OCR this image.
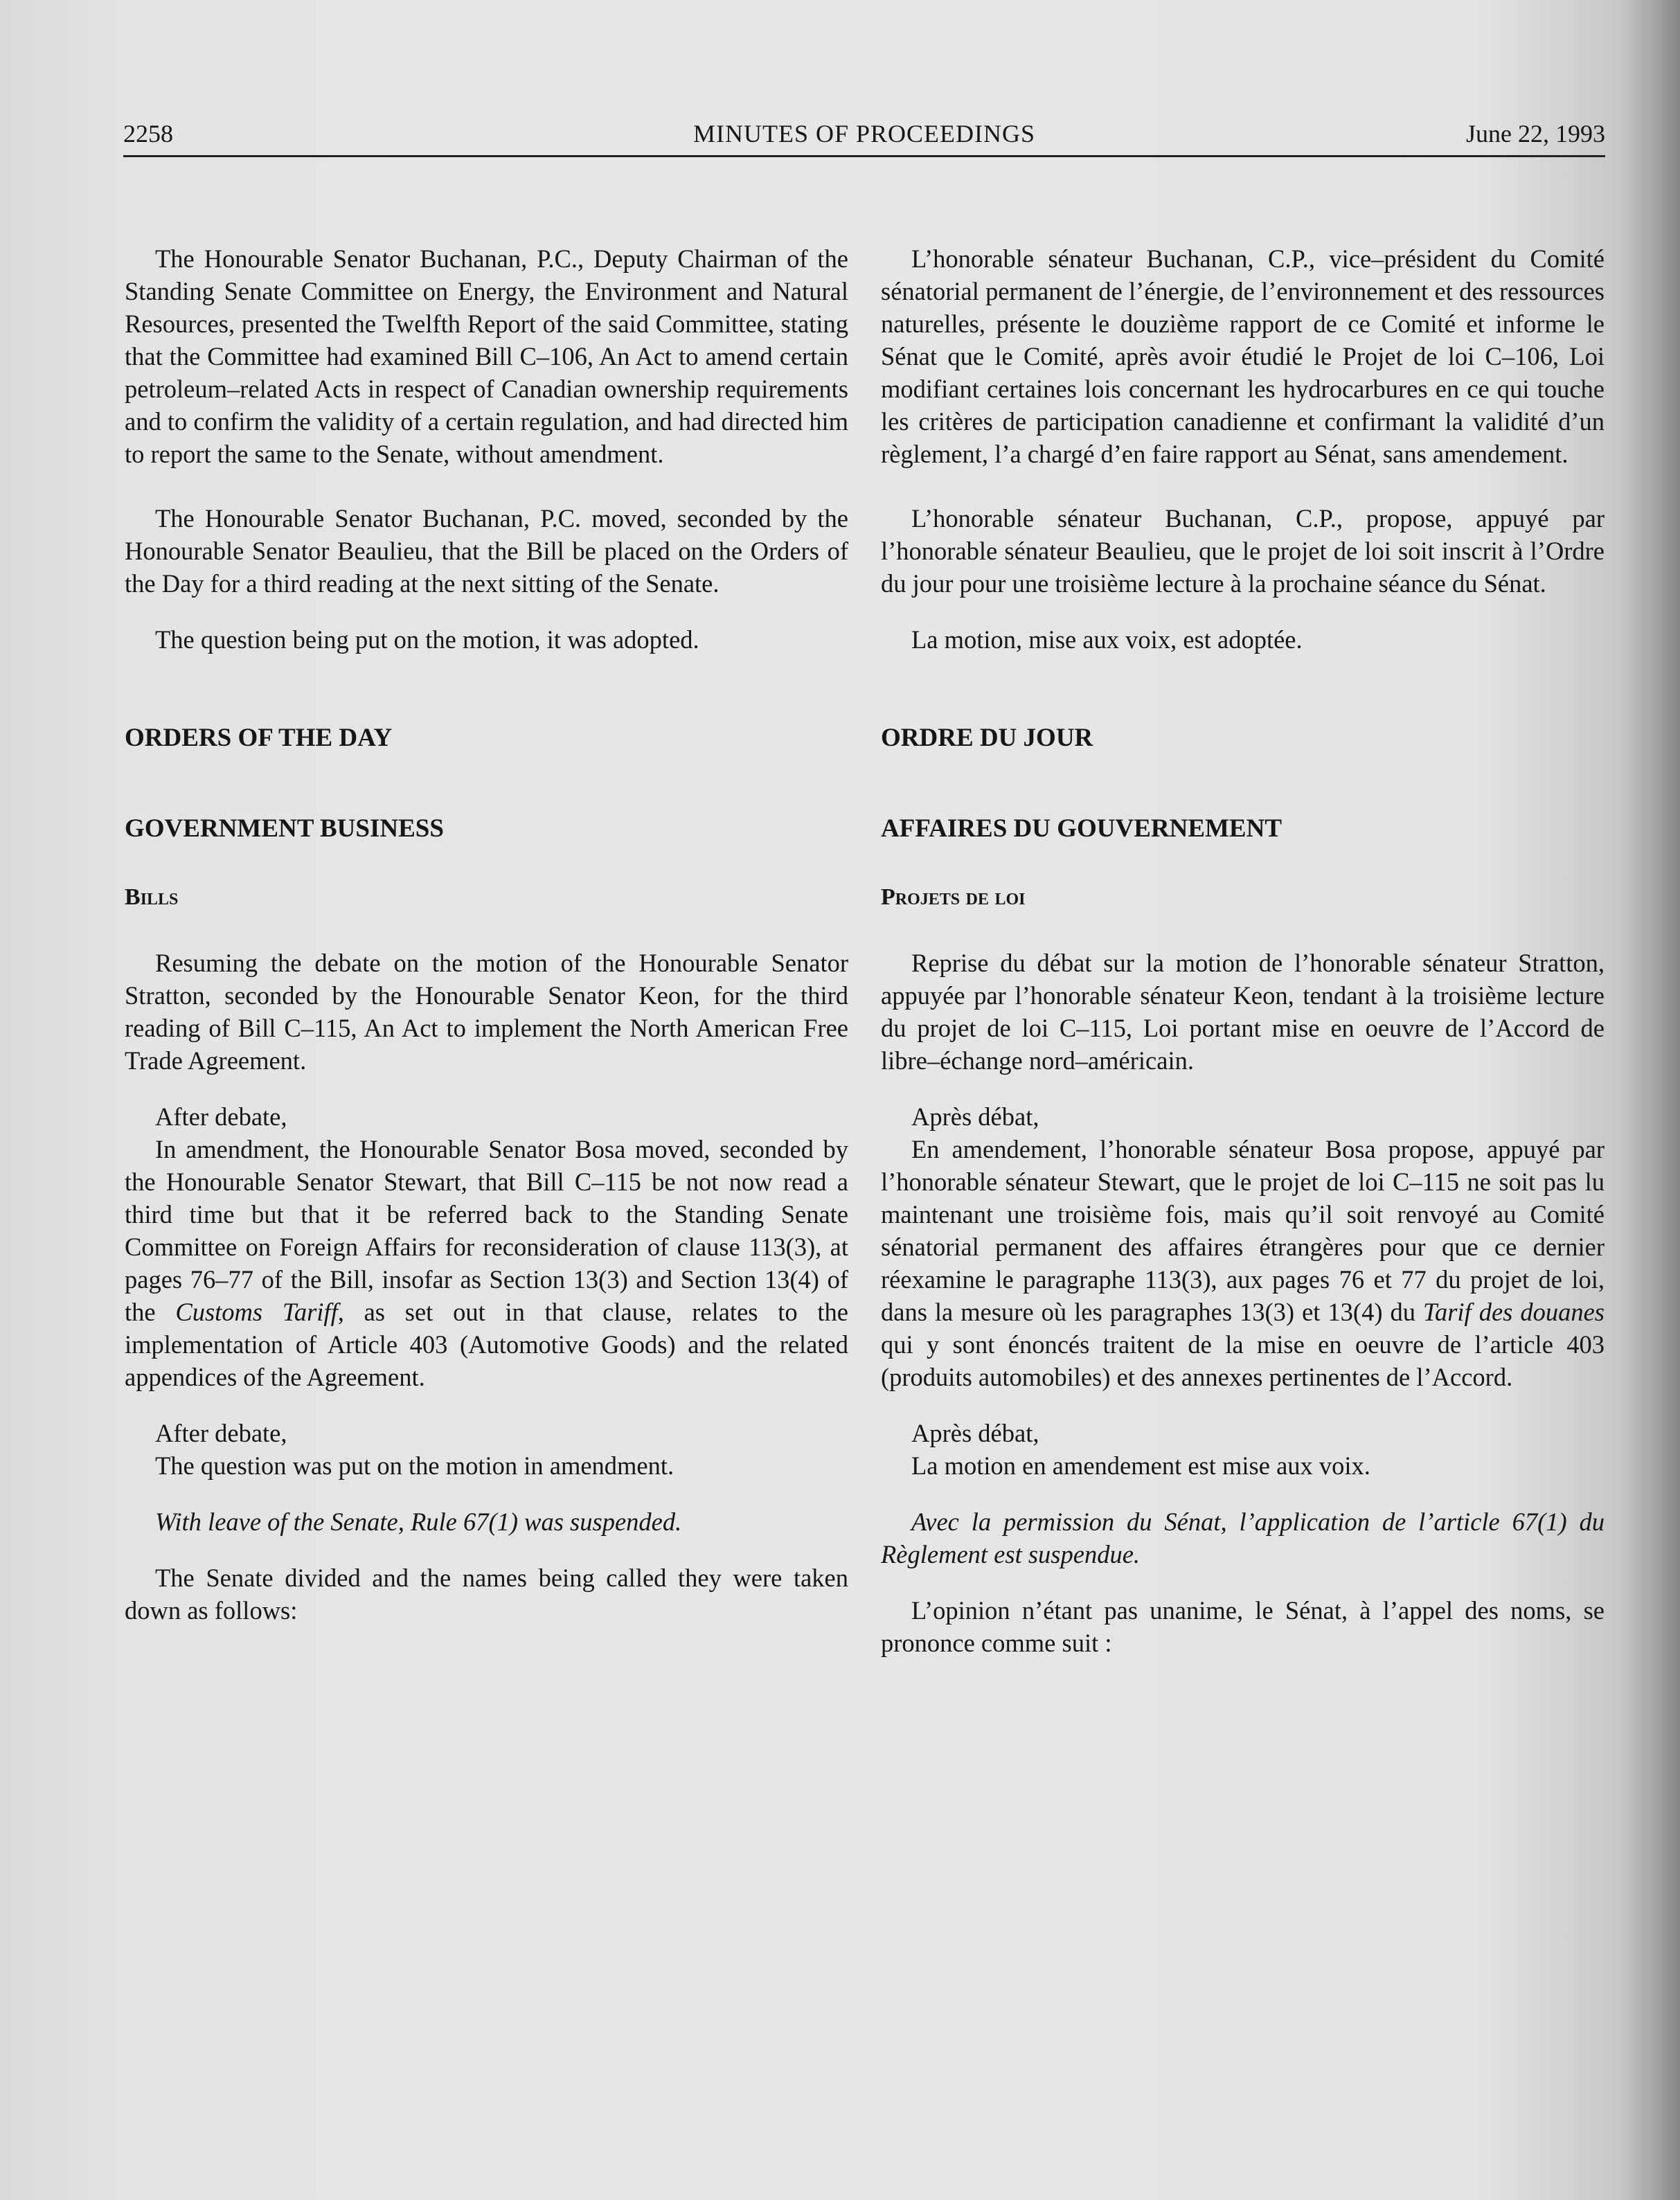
2258	MINUTES OF PROCEEDINGS	June 22, 1993

The Honourable Senator Buchanan, P.C., Deputy Chairman of the Standing Senate Committee on Energy, the Environment and Natural Resources, presented the Twelfth Report of the said Committee, stating that the Committee had examined Bill C–106, An Act to amend certain petroleum–related Acts in respect of Canadian ownership requirements and to confirm the validity of a certain regulation, and had directed him to report the same to the Senate, without amendment.

The Honourable Senator Buchanan, P.C. moved, seconded by the Honourable Senator Beaulieu, that the Bill be placed on the Orders of the Day for a third reading at the next sitting of the Senate.

The question being put on the motion, it was adopted.

ORDERS OF THE DAY

GOVERNMENT BUSINESS

Bills

Resuming the debate on the motion of the Honourable Senator Stratton, seconded by the Honourable Senator Keon, for the third reading of Bill C–115, An Act to implement the North American Free Trade Agreement.

After debate,

In amendment, the Honourable Senator Bosa moved, seconded by the Honourable Senator Stewart, that Bill C–115 be not now read a third time but that it be referred back to the Standing Senate Committee on Foreign Affairs for reconsideration of clause 113(3), at pages 76–77 of the Bill, insofar as Section 13(3) and Section 13(4) of the Customs Tariff, as set out in that clause, relates to the implementation of Article 403 (Automotive Goods) and the related appendices of the Agreement.

After debate,

The question was put on the motion in amendment.

With leave of the Senate, Rule 67(1) was suspended.

The Senate divided and the names being called they were taken down as follows:

L’honorable sénateur Buchanan, C.P., vice–président du Comité sénatorial permanent de l’énergie, de l’environnement et des ressources naturelles, présente le douzième rapport de ce Comité et informe le Sénat que le Comité, après avoir étudié le Projet de loi C–106, Loi modifiant certaines lois concernant les hydrocarbures en ce qui touche les critères de participation canadienne et confirmant la validité d’un règlement, l’a chargé d’en faire rapport au Sénat, sans amendement.

L’honorable sénateur Buchanan, C.P., propose, appuyé par l’honorable sénateur Beaulieu, que le projet de loi soit inscrit à l’Ordre du jour pour une troisième lecture à la prochaine séance du Sénat.

La motion, mise aux voix, est adoptée.

ORDRE DU JOUR

AFFAIRES DU GOUVERNEMENT

Projets de loi

Reprise du débat sur la motion de l’honorable sénateur Stratton, appuyée par l’honorable sénateur Keon, tendant à la troisième lecture du projet de loi C–115, Loi portant mise en oeuvre de l’Accord de libre–échange nord–américain.

Après débat,

En amendement, l’honorable sénateur Bosa propose, appuyé par l’honorable sénateur Stewart, que le projet de loi C–115 ne soit pas lu maintenant une troisième fois, mais qu’il soit renvoyé au Comité sénatorial permanent des affaires étrangères pour que ce dernier réexamine le paragraphe 113(3), aux pages 76 et 77 du projet de loi, dans la mesure où les paragraphes 13(3) et 13(4) du Tarif des douanes qui y sont énoncés traitent de la mise en oeuvre de l’article 403 (produits automobiles) et des annexes pertinentes de l’Accord.

Après débat,

La motion en amendement est mise aux voix.

Avec la permission du Sénat, l’application de l’article 67(1) du Règlement est suspendue.

L’opinion n’étant pas unanime, le Sénat, à l’appel des noms, se prononce comme suit :
